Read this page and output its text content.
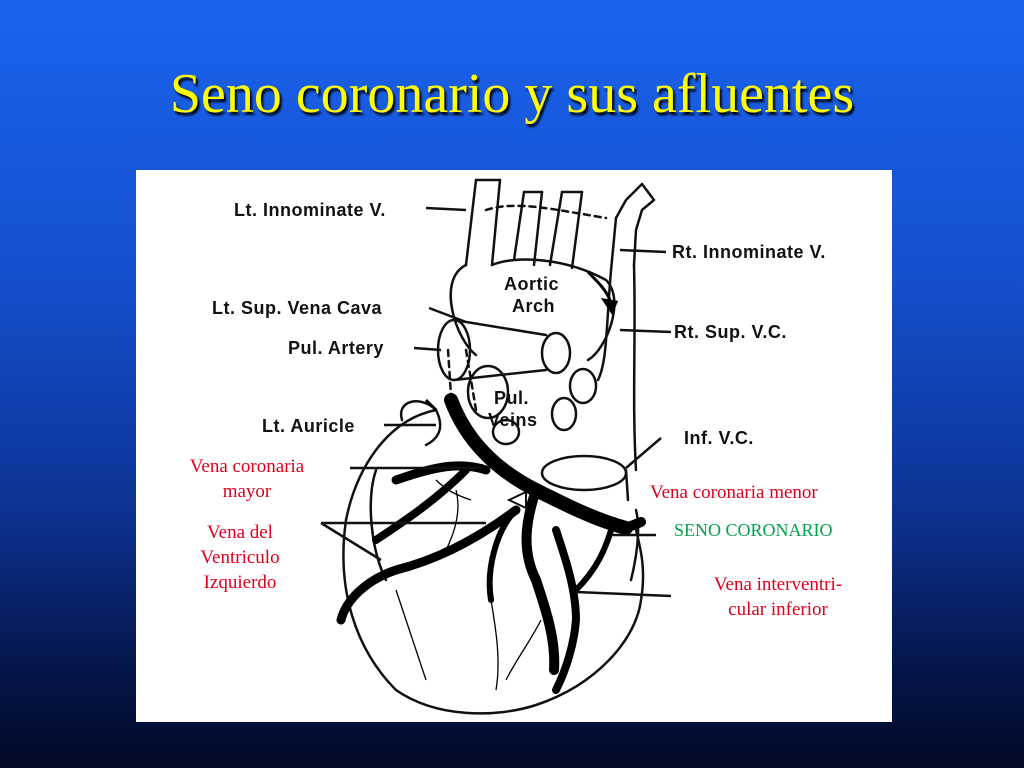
Seno coronario y sus afluentes
Lt. Innominate V.
Rt. Innominate V.
Aortic
Arch
Lt. Sup. Vena Cava
Rt. Sup. V.C.
Pul. Artery
Pul.
Veins
Lt. Auricle
Inf. V.C.
Vena coronaria
mayor
Vena del
Ventriculo
Izquierdo
Vena coronaria menor
SENO CORONARIO
Vena interventri-
cular inferior
